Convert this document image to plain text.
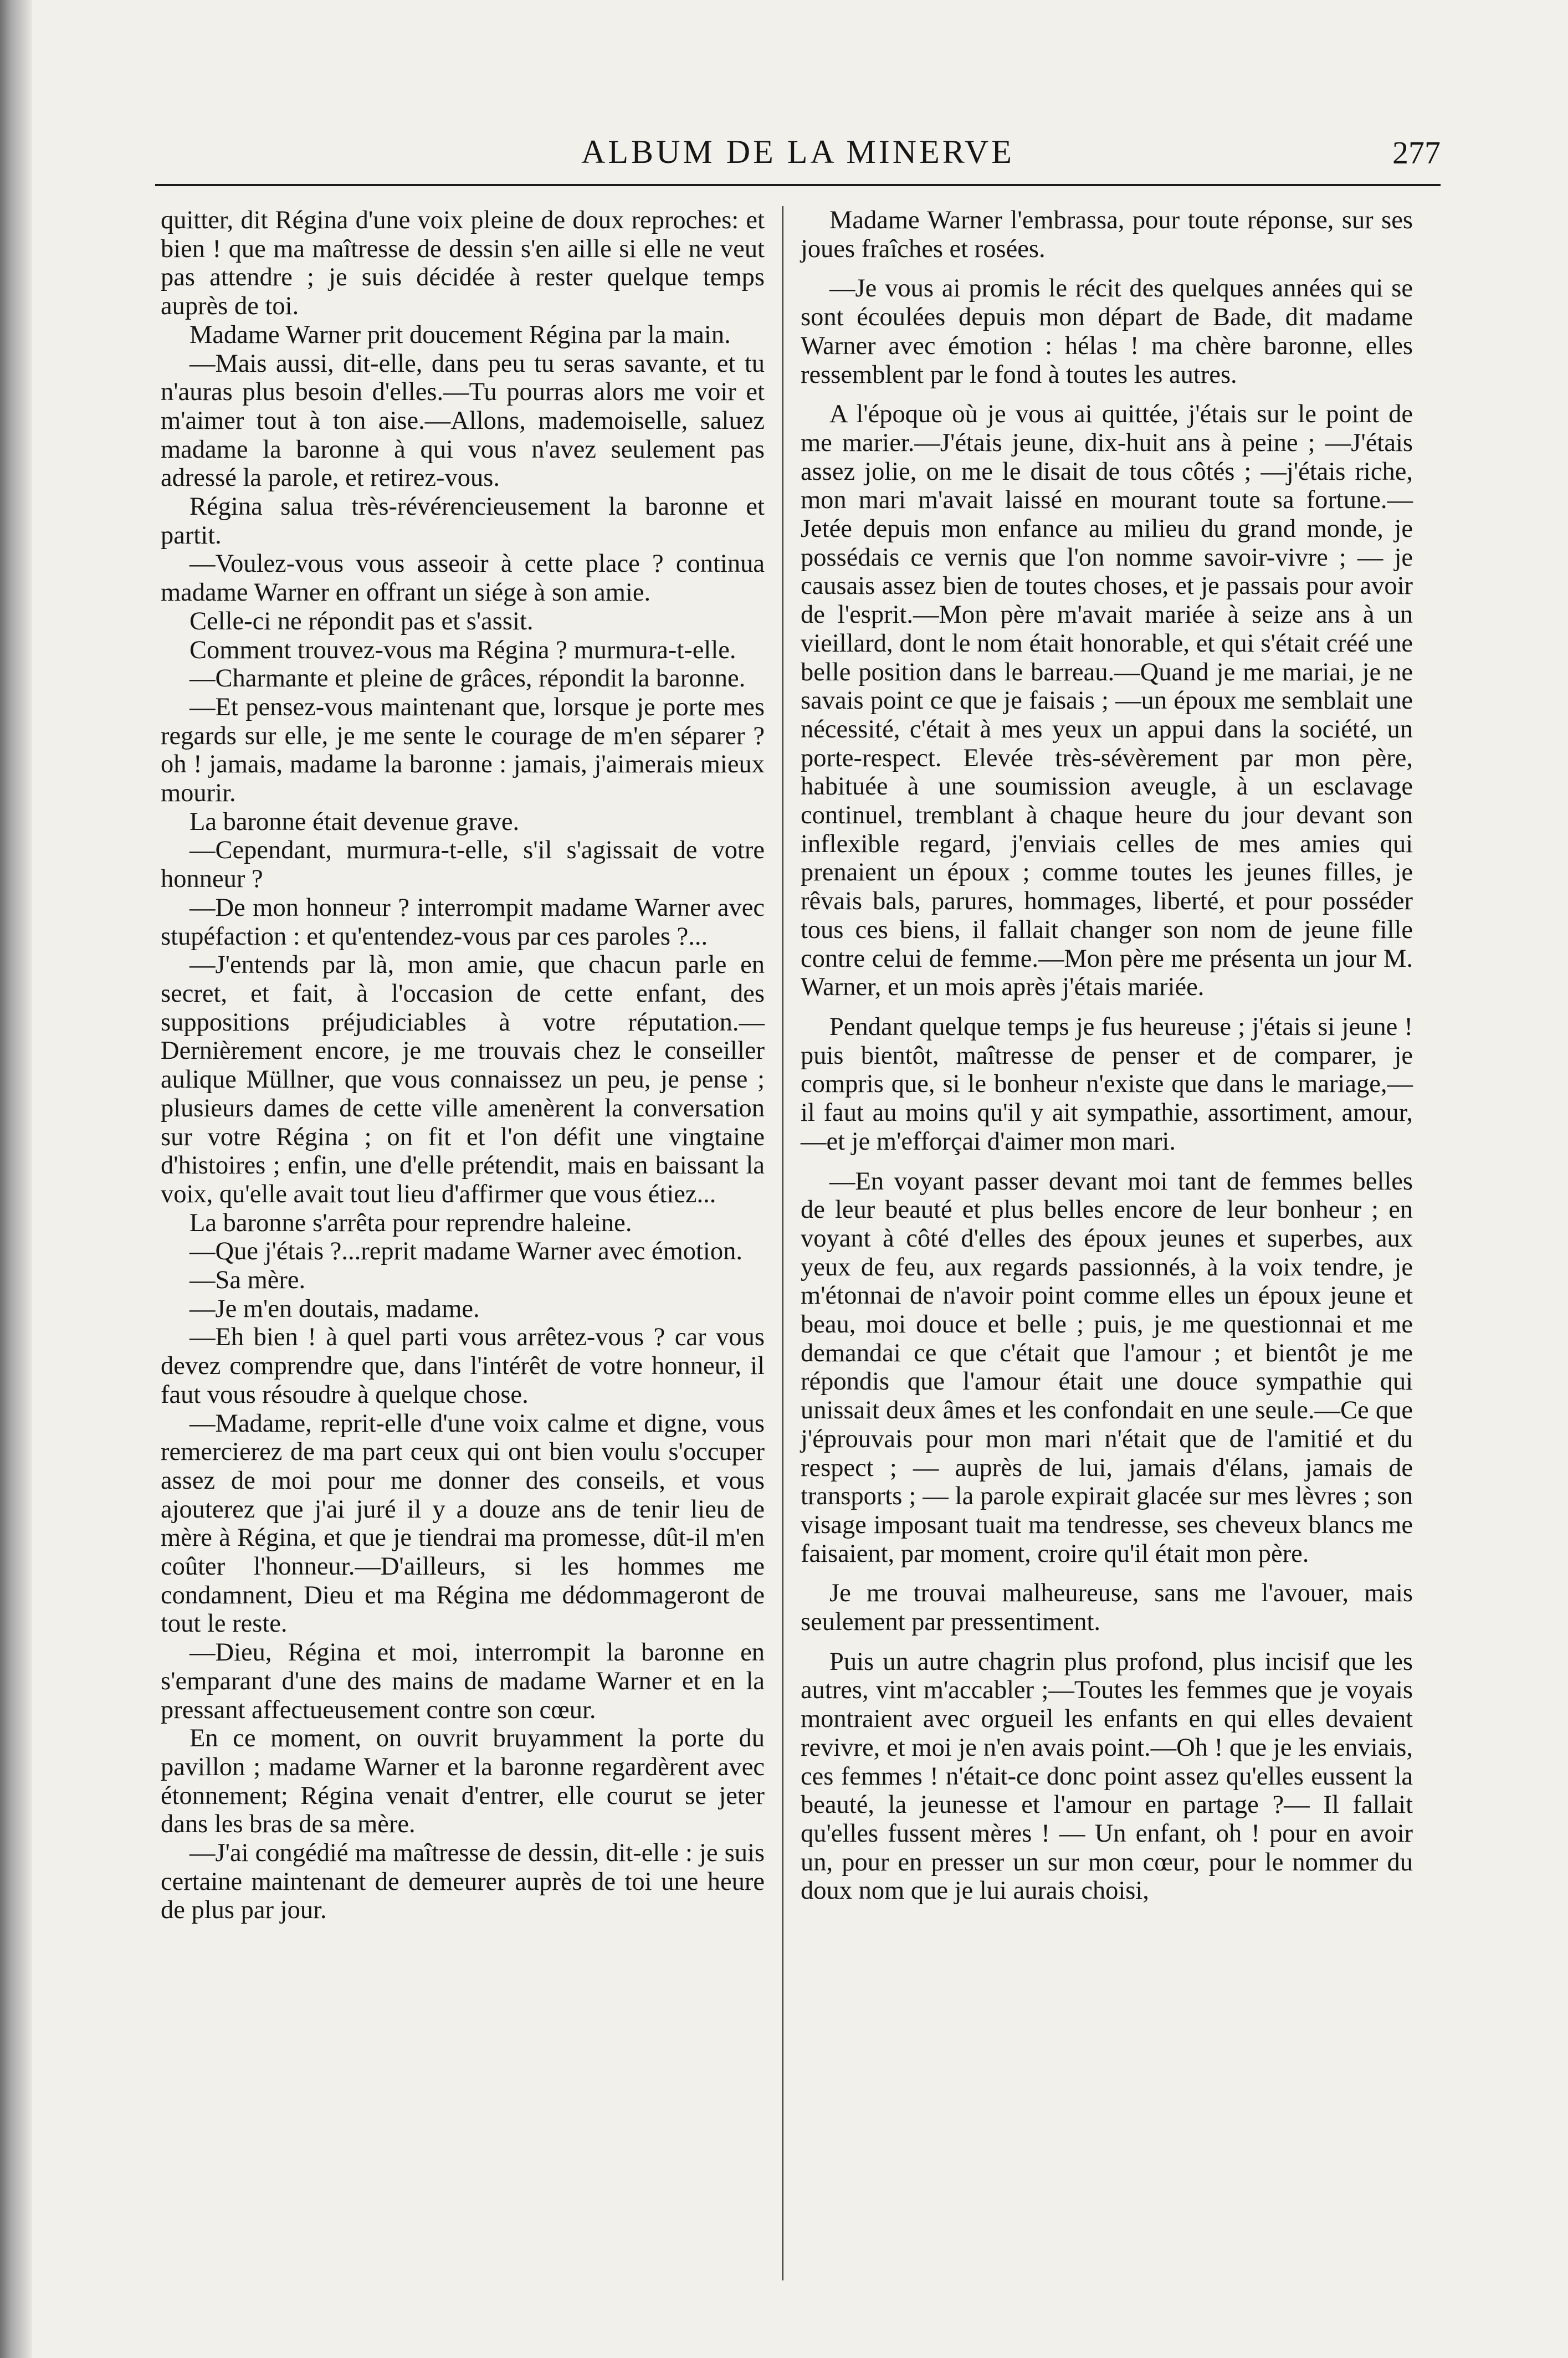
ALBUM DE LA MINERVE	277

quitter, dit Régina d'une voix pleine de doux reproches: et bien ! que ma maîtresse de dessin s'en aille si elle ne veut pas attendre ; je suis décidée à rester quelque temps auprès de toi.

Madame Warner prit doucement Régina par la main.

—Mais aussi, dit-elle, dans peu tu seras savante, et tu n'auras plus besoin d'elles.—Tu pourras alors me voir et m'aimer tout à ton aise.—Allons, mademoiselle, saluez madame la baronne à qui vous n'avez seulement pas adressé la parole, et retirez-vous.

Régina salua très-révérencieusement la baronne et partit.

—Voulez-vous vous asseoir à cette place ? continua madame Warner en offrant un siége à son amie.

Celle-ci ne répondit pas et s'assit.

Comment trouvez-vous ma Régina ? murmura-t-elle.

—Charmante et pleine de grâces, répondit la baronne.

—Et pensez-vous maintenant que, lorsque je porte mes regards sur elle, je me sente le courage de m'en séparer ? oh ! jamais, madame la baronne : jamais, j'aimerais mieux mourir.

La baronne était devenue grave.

—Cependant, murmura-t-elle, s'il s'agissait de votre honneur ?

—De mon honneur ? interrompit madame Warner avec stupéfaction : et qu'entendez-vous par ces paroles ?...

—J'entends par là, mon amie, que chacun parle en secret, et fait, à l'occasion de cette enfant, des suppositions préjudiciables à votre réputation.—Dernièrement encore, je me trouvais chez le conseiller aulique Müllner, que vous connaissez un peu, je pense ; plusieurs dames de cette ville amenèrent la conversation sur votre Régina ; on fit et l'on défit une vingtaine d'histoires ; enfin, une d'elle prétendit, mais en baissant la voix, qu'elle avait tout lieu d'affirmer que vous étiez...

La baronne s'arrêta pour reprendre haleine.

—Que j'étais ?...reprit madame Warner avec émotion.

—Sa mère.

—Je m'en doutais, madame.

—Eh bien ! à quel parti vous arrêtez-vous ? car vous devez comprendre que, dans l'intérêt de votre honneur, il faut vous résoudre à quelque chose.

—Madame, reprit-elle d'une voix calme et digne, vous remercierez de ma part ceux qui ont bien voulu s'occuper assez de moi pour me donner des conseils, et vous ajouterez que j'ai juré il y a douze ans de tenir lieu de mère à Régina, et que je tiendrai ma promesse, dût-il m'en coûter l'honneur.—D'ailleurs, si les hommes me condamnent, Dieu et ma Régina me dédommageront de tout le reste.

—Dieu, Régina et moi, interrompit la baronne en s'emparant d'une des mains de madame Warner et en la pressant affectueusement contre son cœur.

En ce moment, on ouvrit bruyamment la porte du pavillon ; madame Warner et la baronne regardèrent avec étonnement; Régina venait d'entrer, elle courut se jeter dans les bras de sa mère.

—J'ai congédié ma maîtresse de dessin, dit-elle : je suis certaine maintenant de demeurer auprès de toi une heure de plus par jour.

Madame Warner l'embrassa, pour toute réponse, sur ses joues fraîches et rosées.

—Je vous ai promis le récit des quelques années qui se sont écoulées depuis mon départ de Bade, dit madame Warner avec émotion : hélas ! ma chère baronne, elles ressemblent par le fond à toutes les autres.

A l'époque où je vous ai quittée, j'étais sur le point de me marier.—J'étais jeune, dix-huit ans à peine ; —J'étais assez jolie, on me le disait de tous côtés ; —j'étais riche, mon mari m'avait laissé en mourant toute sa fortune.—Jetée depuis mon enfance au milieu du grand monde, je possédais ce vernis que l'on nomme savoir-vivre ; — je causais assez bien de toutes choses, et je passais pour avoir de l'esprit.—Mon père m'avait mariée à seize ans à un vieillard, dont le nom était honorable, et qui s'était créé une belle position dans le barreau.—Quand je me mariai, je ne savais point ce que je faisais ; —un époux me semblait une nécessité, c'était à mes yeux un appui dans la société, un porte-respect. Elevée très-sévèrement par mon père, habituée à une soumission aveugle, à un esclavage continuel, tremblant à chaque heure du jour devant son inflexible regard, j'enviais celles de mes amies qui prenaient un époux ; comme toutes les jeunes filles, je rêvais bals, parures, hommages, liberté, et pour posséder tous ces biens, il fallait changer son nom de jeune fille contre celui de femme.—Mon père me présenta un jour M. Warner, et un mois après j'étais mariée.

Pendant quelque temps je fus heureuse ; j'étais si jeune ! puis bientôt, maîtresse de penser et de comparer, je compris que, si le bonheur n'existe que dans le mariage,—il faut au moins qu'il y ait sympathie, assortiment, amour,—et je m'efforçai d'aimer mon mari.

—En voyant passer devant moi tant de femmes belles de leur beauté et plus belles encore de leur bonheur ; en voyant à côté d'elles des époux jeunes et superbes, aux yeux de feu, aux regards passionnés, à la voix tendre, je m'étonnai de n'avoir point comme elles un époux jeune et beau, moi douce et belle ; puis, je me questionnai et me demandai ce que c'était que l'amour ; et bientôt je me répondis que l'amour était une douce sympathie qui unissait deux âmes et les confondait en une seule.—Ce que j'éprouvais pour mon mari n'était que de l'amitié et du respect ; — auprès de lui, jamais d'élans, jamais de transports ; — la parole expirait glacée sur mes lèvres ; son visage imposant tuait ma tendresse, ses cheveux blancs me faisaient, par moment, croire qu'il était mon père.

Je me trouvai malheureuse, sans me l'avouer, mais seulement par pressentiment.

Puis un autre chagrin plus profond, plus incisif que les autres, vint m'accabler ;—Toutes les femmes que je voyais montraient avec orgueil les enfants en qui elles devaient revivre, et moi je n'en avais point.—Oh ! que je les enviais, ces femmes ! n'était-ce donc point assez qu'elles eussent la beauté, la jeunesse et l'amour en partage ?— Il fallait qu'elles fussent mères ! — Un enfant, oh ! pour en avoir un, pour en presser un sur mon cœur, pour le nommer du doux nom que je lui aurais choisi,
